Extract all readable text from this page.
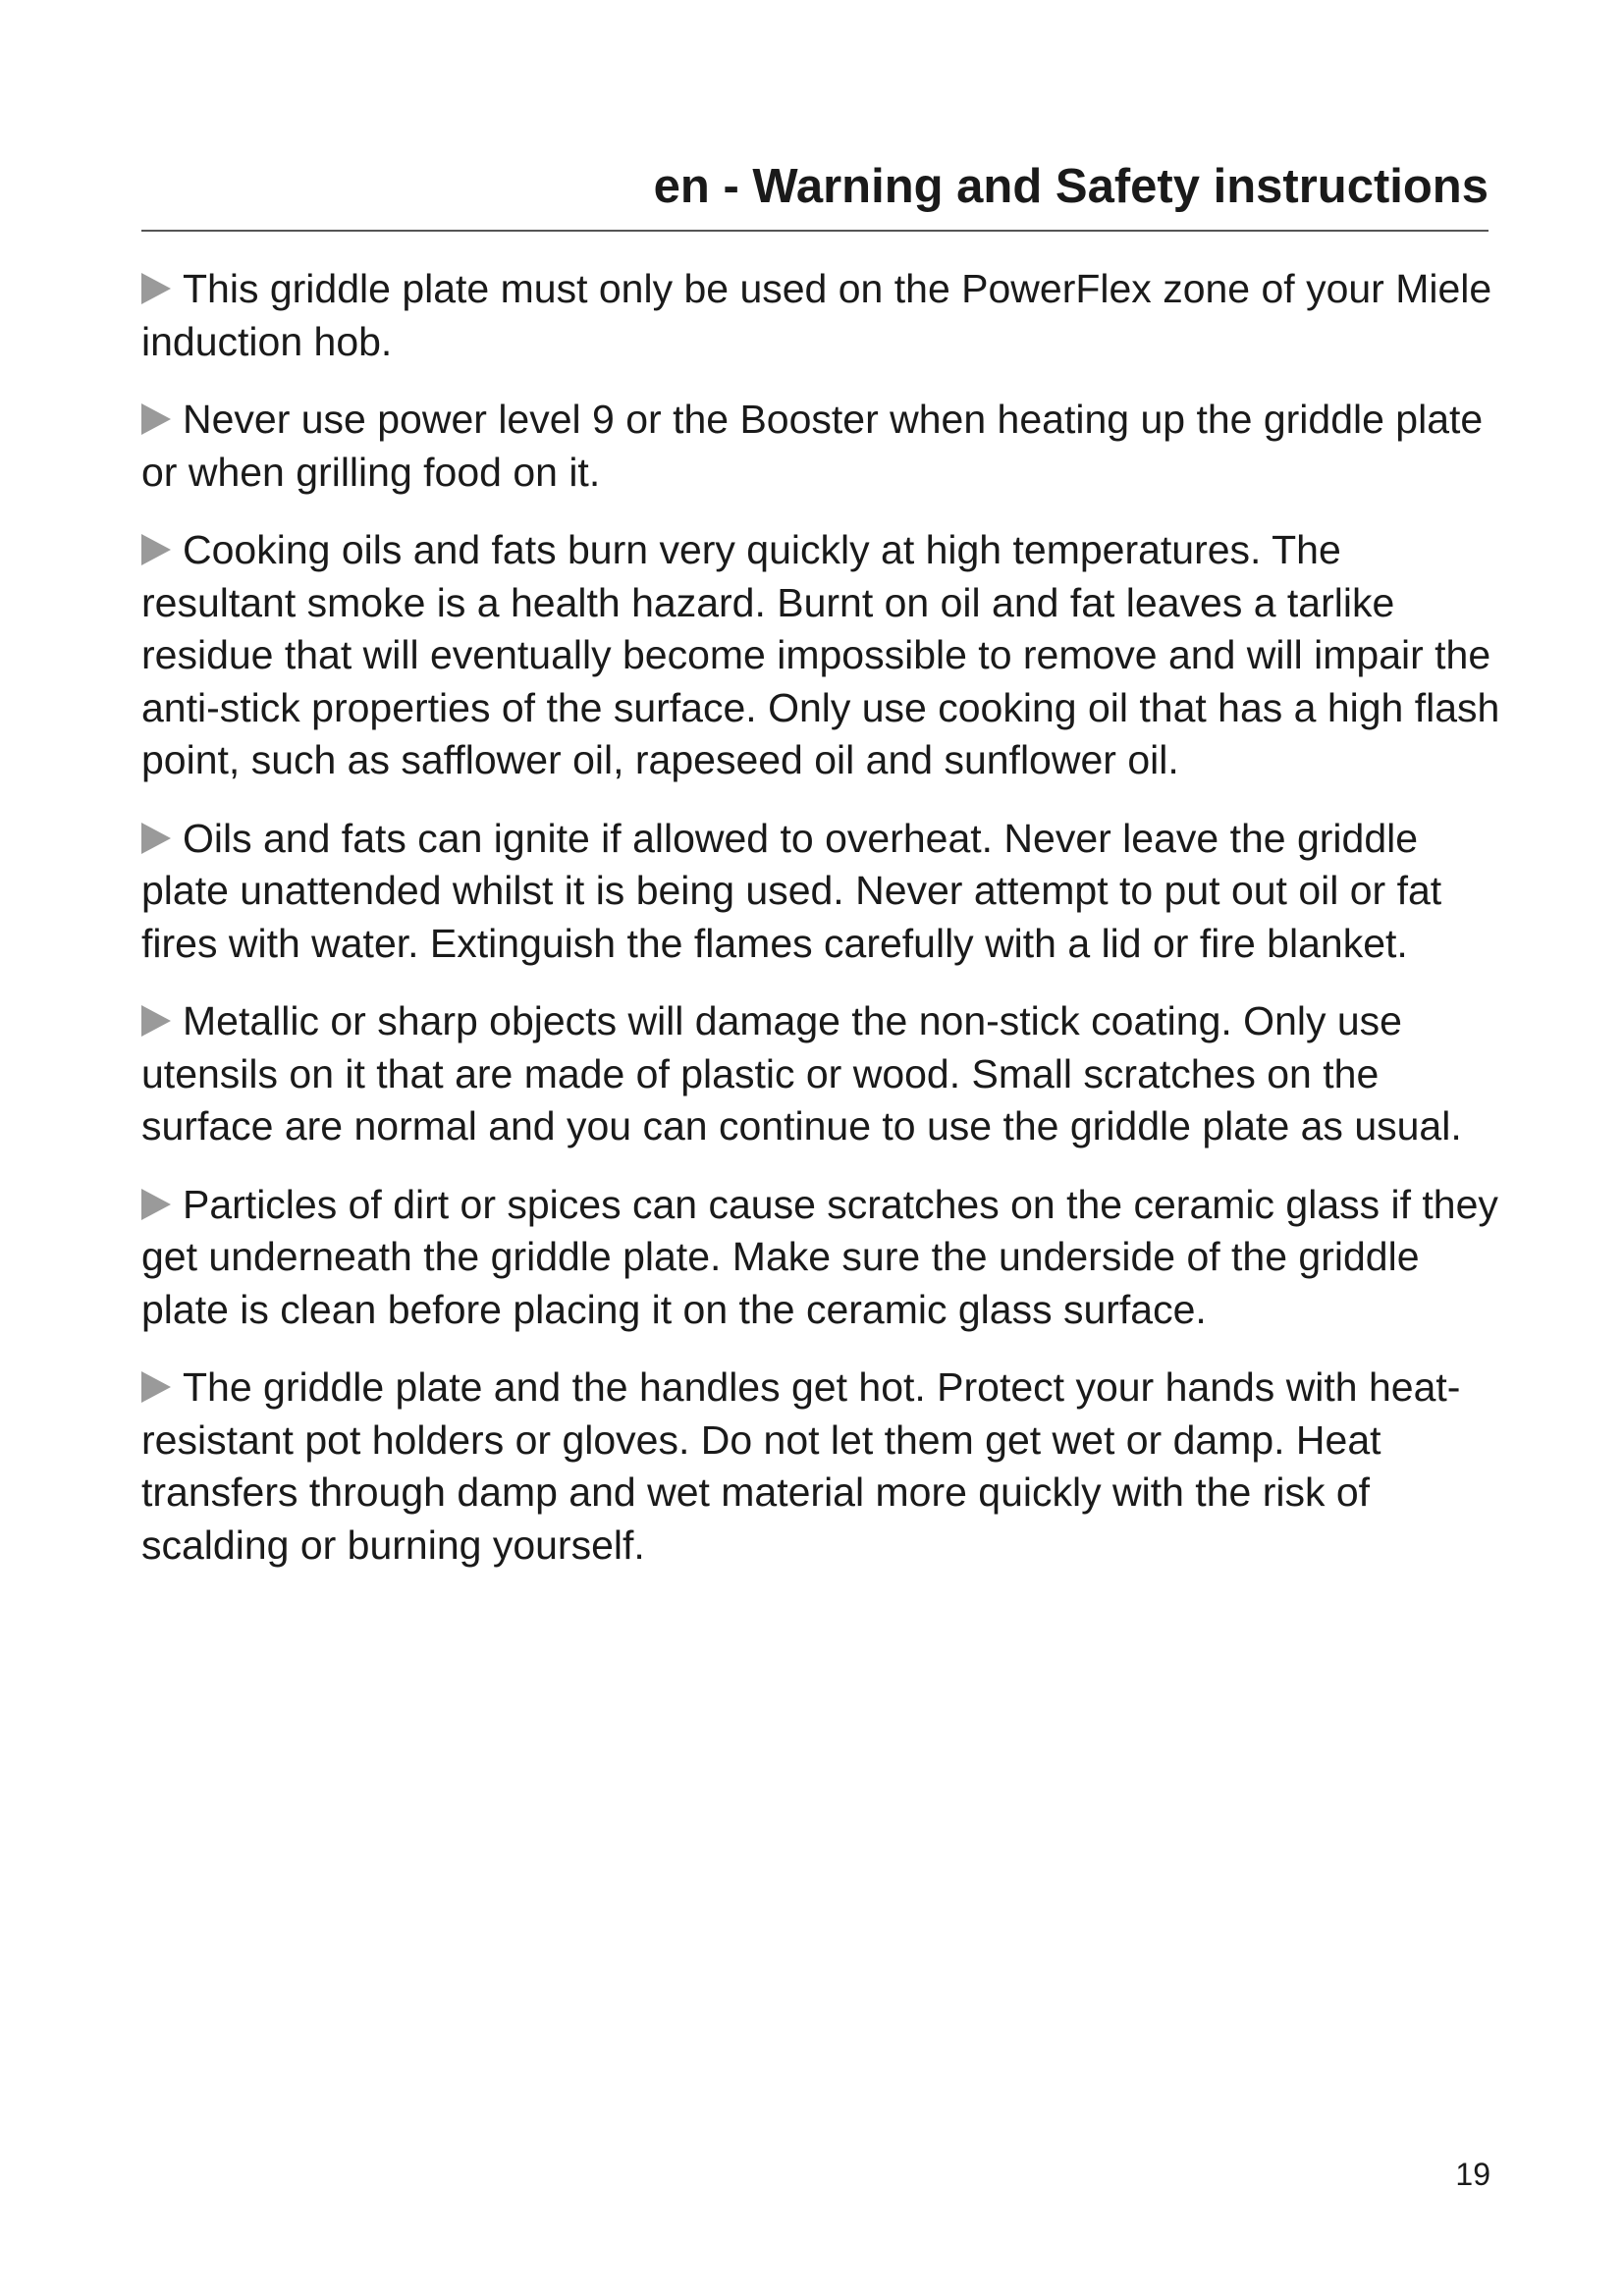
en - Warning and Safety instructions

This griddle plate must only be used on the PowerFlex zone of your Miele induction hob.

Never use power level 9 or the Booster when heating up the griddle plate or when grilling food on it.

Cooking oils and fats burn very quickly at high temperatures. The resultant smoke is a health hazard. Burnt on oil and fat leaves a tarlike residue that will eventually become impossible to remove and will impair the anti-stick properties of the surface. Only use cooking oil that has a high flash point, such as safflower oil, rapeseed oil and sunflower oil.

Oils and fats can ignite if allowed to overheat. Never leave the griddle plate unattended whilst it is being used. Never attempt to put out oil or fat fires with water. Extinguish the flames carefully with a lid or fire blanket.

Metallic or sharp objects will damage the non-stick coating. Only use utensils on it that are made of plastic or wood. Small scratches on the surface are normal and you can continue to use the griddle plate as usual.

Particles of dirt or spices can cause scratches on the ceramic glass if they get underneath the griddle plate. Make sure the underside of the griddle plate is clean before placing it on the ceramic glass surface.

The griddle plate and the handles get hot. Protect your hands with heat-resistant pot holders or gloves. Do not let them get wet or damp. Heat transfers through damp and wet material more quickly with the risk of scalding or burning yourself.

19
